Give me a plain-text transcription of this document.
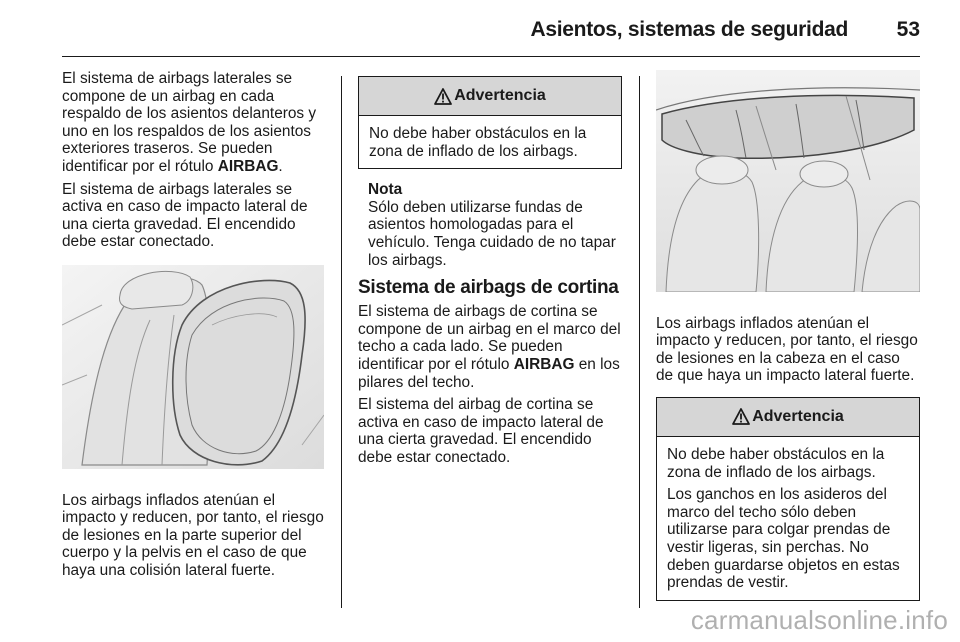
Asientos, sistemas de seguridad 53

El sistema de airbags laterales se compone de un airbag en cada respaldo de los asientos delanteros y uno en los respaldos de los asientos exteriores traseros. Se pueden identificar por el rótulo AIRBAG.

El sistema de airbags laterales se activa en caso de impacto lateral de una cierta gravedad. El encendido debe estar conectado.

Los airbags inflados atenúan el impacto y reducen, por tanto, el riesgo de lesiones en la parte superior del cuerpo y la pelvis en el caso de que haya una colisión lateral fuerte.

Advertencia

No debe haber obstáculos en la zona de inflado de los airbags.

Nota
Sólo deben utilizarse fundas de asientos homologadas para el vehículo. Tenga cuidado de no tapar los airbags.
Sistema de airbags de cortina

El sistema de airbags de cortina se compone de un airbag en el marco del techo a cada lado. Se pueden identificar por el rótulo AIRBAG en los pilares del techo.

El sistema del airbag de cortina se activa en caso de impacto lateral de una cierta gravedad. El encendido debe estar conectado.

Los airbags inflados atenúan el impacto y reducen, por tanto, el riesgo de lesiones en la cabeza en el caso de que haya un impacto lateral fuerte.

Advertencia

No debe haber obstáculos en la zona de inflado de los airbags.

Los ganchos en los asideros del marco del techo sólo deben utilizarse para colgar prendas de vestir ligeras, sin perchas. No deben guardarse objetos en estas prendas de vestir.

carmanualsonline.info
